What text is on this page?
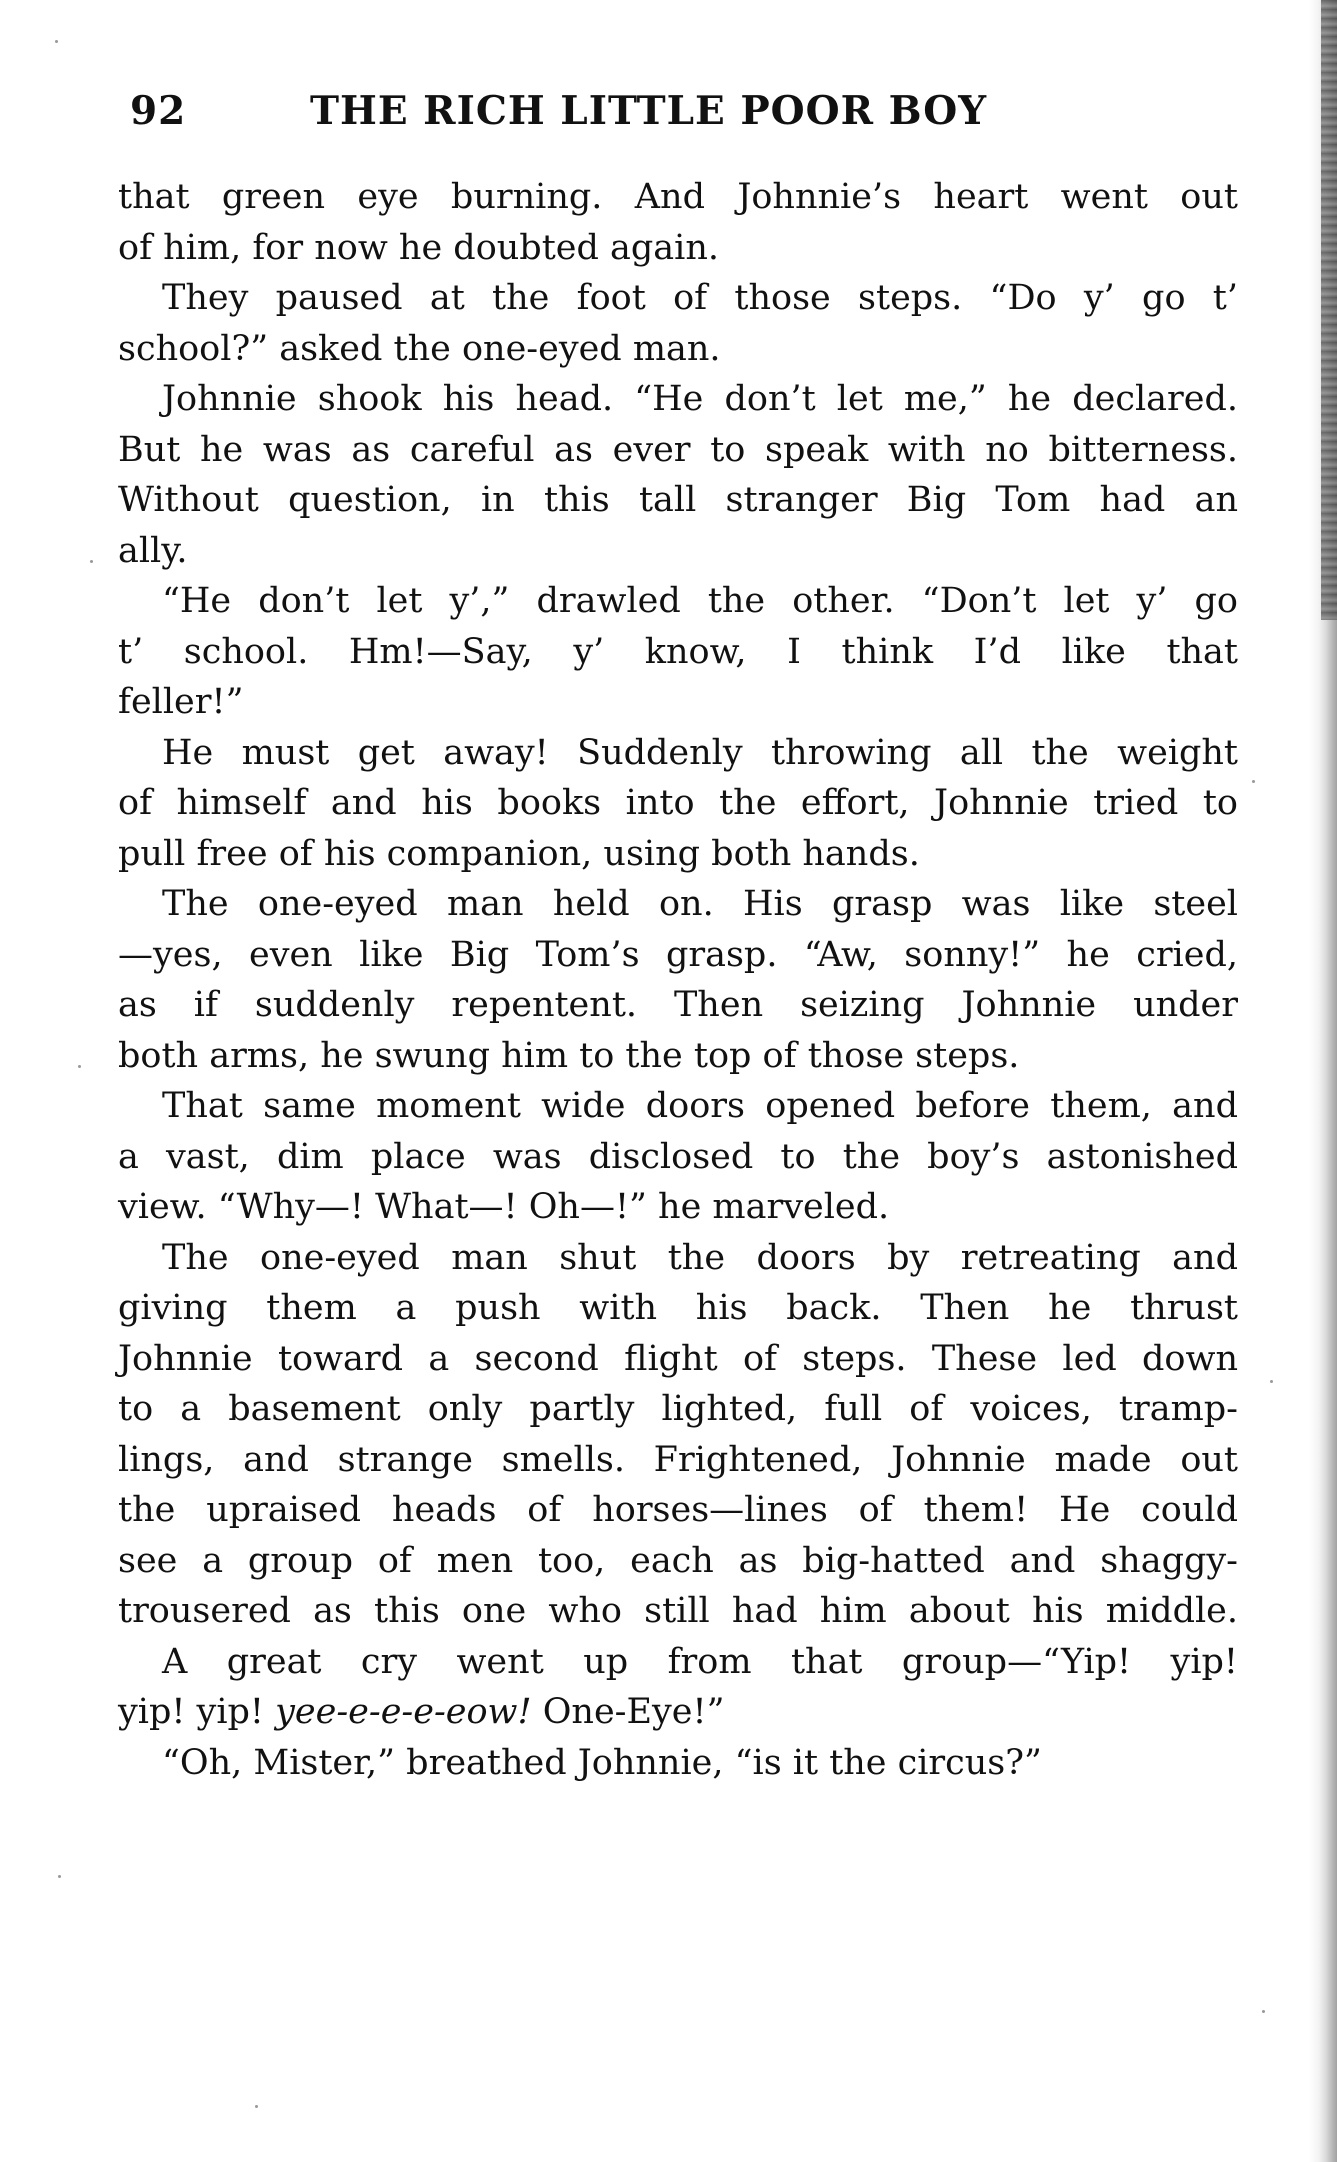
92	THE RICH LITTLE POOR BOY
that green eye burning. And Johnnie’s heart went out
of him, for now he doubted again.
They paused at the foot of those steps. “Do y’ go t’
school?” asked the one-eyed man.
Johnnie shook his head. “He don’t let me,” he declared.
But he was as careful as ever to speak with no bitterness.
Without question, in this tall stranger Big Tom had an
ally.
“He don’t let y’,” drawled the other. “Don’t let y’ go
t’ school. Hm!—Say, y’ know, I think I’d like that
feller!”
He must get away! Suddenly throwing all the weight
of himself and his books into the effort, Johnnie tried to
pull free of his companion, using both hands.
The one-eyed man held on. His grasp was like steel
—yes, even like Big Tom’s grasp. “Aw, sonny!” he cried,
as if suddenly repentent. Then seizing Johnnie under
both arms, he swung him to the top of those steps.
That same moment wide doors opened before them, and
a vast, dim place was disclosed to the boy’s astonished
view. “Why—! What—! Oh—!” he marveled.
The one-eyed man shut the doors by retreating and
giving them a push with his back. Then he thrust
Johnnie toward a second flight of steps. These led down
to a basement only partly lighted, full of voices, tramp-
lings, and strange smells. Frightened, Johnnie made out
the upraised heads of horses—lines of them! He could
see a group of men too, each as big-hatted and shaggy-
trousered as this one who still had him about his middle.
A great cry went up from that group—“Yip! yip!
yip! yip! yee-e-e-e-eow! One-Eye!”
“Oh, Mister,” breathed Johnnie, “is it the circus?”
